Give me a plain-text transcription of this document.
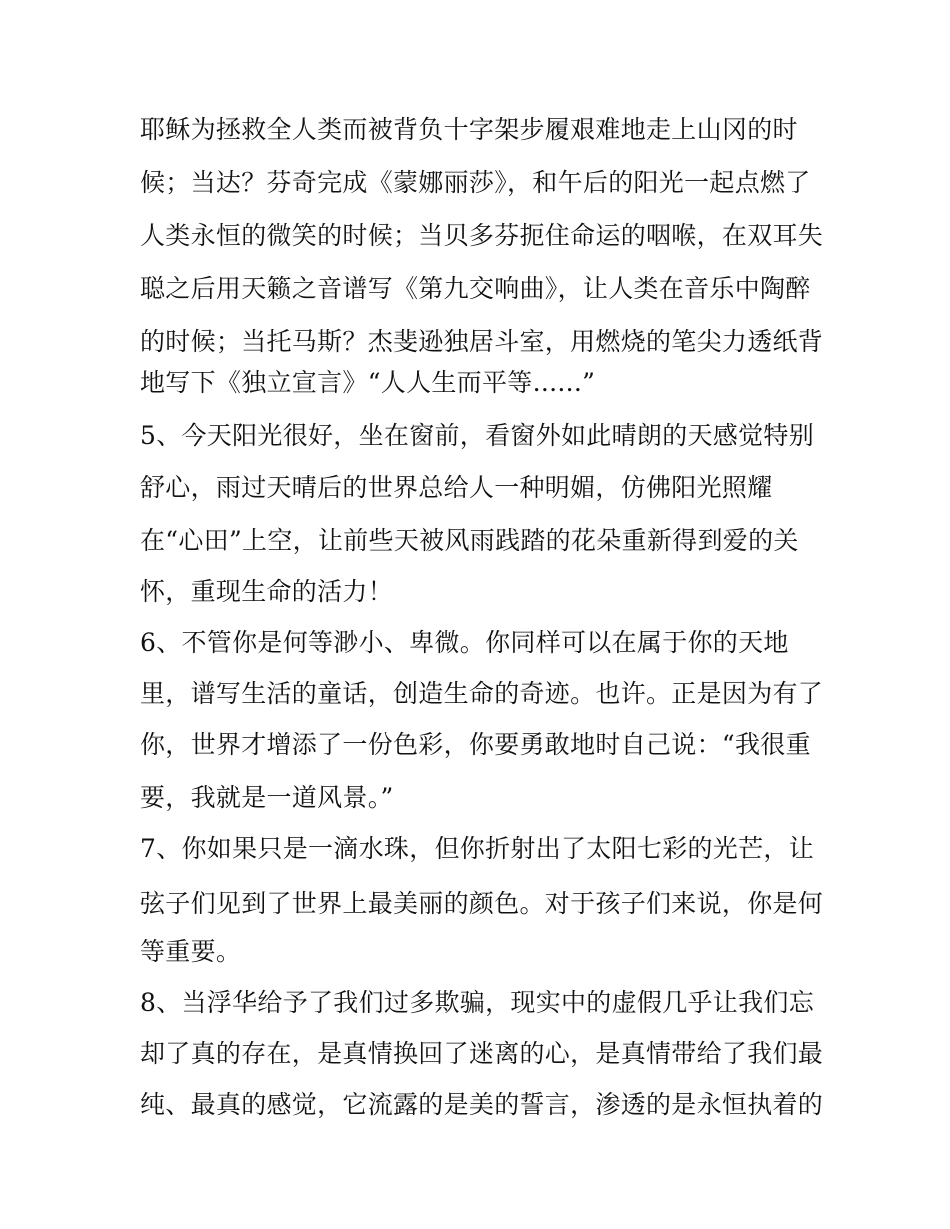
耶稣为拯救全人类而被背负十字架步履艰难地走上山冈的时
候；当达？芬奇完成《蒙娜丽莎》，和午后的阳光一起点燃了
人类永恒的微笑的时候；当贝多芬扼住命运的咽喉，在双耳失
聪之后用天籁之音谱写《第九交响曲》，让人类在音乐中陶醉
的时候；当托马斯？杰斐逊独居斗室，用燃烧的笔尖力透纸背
地写下《独立宣言》“人人生而平等......”
5、今天阳光很好，坐在窗前，看窗外如此晴朗的天感觉特别
舒心，雨过天晴后的世界总给人一种明媚，仿佛阳光照耀
在“心田”上空，让前些天被风雨践踏的花朵重新得到爱的关
怀，重现生命的活力！
6、不管你是何等渺小、卑微。你同样可以在属于你的天地
里，谱写生活的童话，创造生命的奇迹。也许。正是因为有了
你，世界才增添了一份色彩，你要勇敢地时自己说：“我很重
要，我就是一道风景。”
7、你如果只是一滴水珠，但你折射出了太阳七彩的光芒，让
弦子们见到了世界上最美丽的颜色。对于孩子们来说，你是何
等重要。
8、当浮华给予了我们过多欺骗，现实中的虚假几乎让我们忘
却了真的存在，是真情换回了迷离的心，是真情带给了我们最
纯、最真的感觉，它流露的是美的誓言，渗透的是永恒执着的
